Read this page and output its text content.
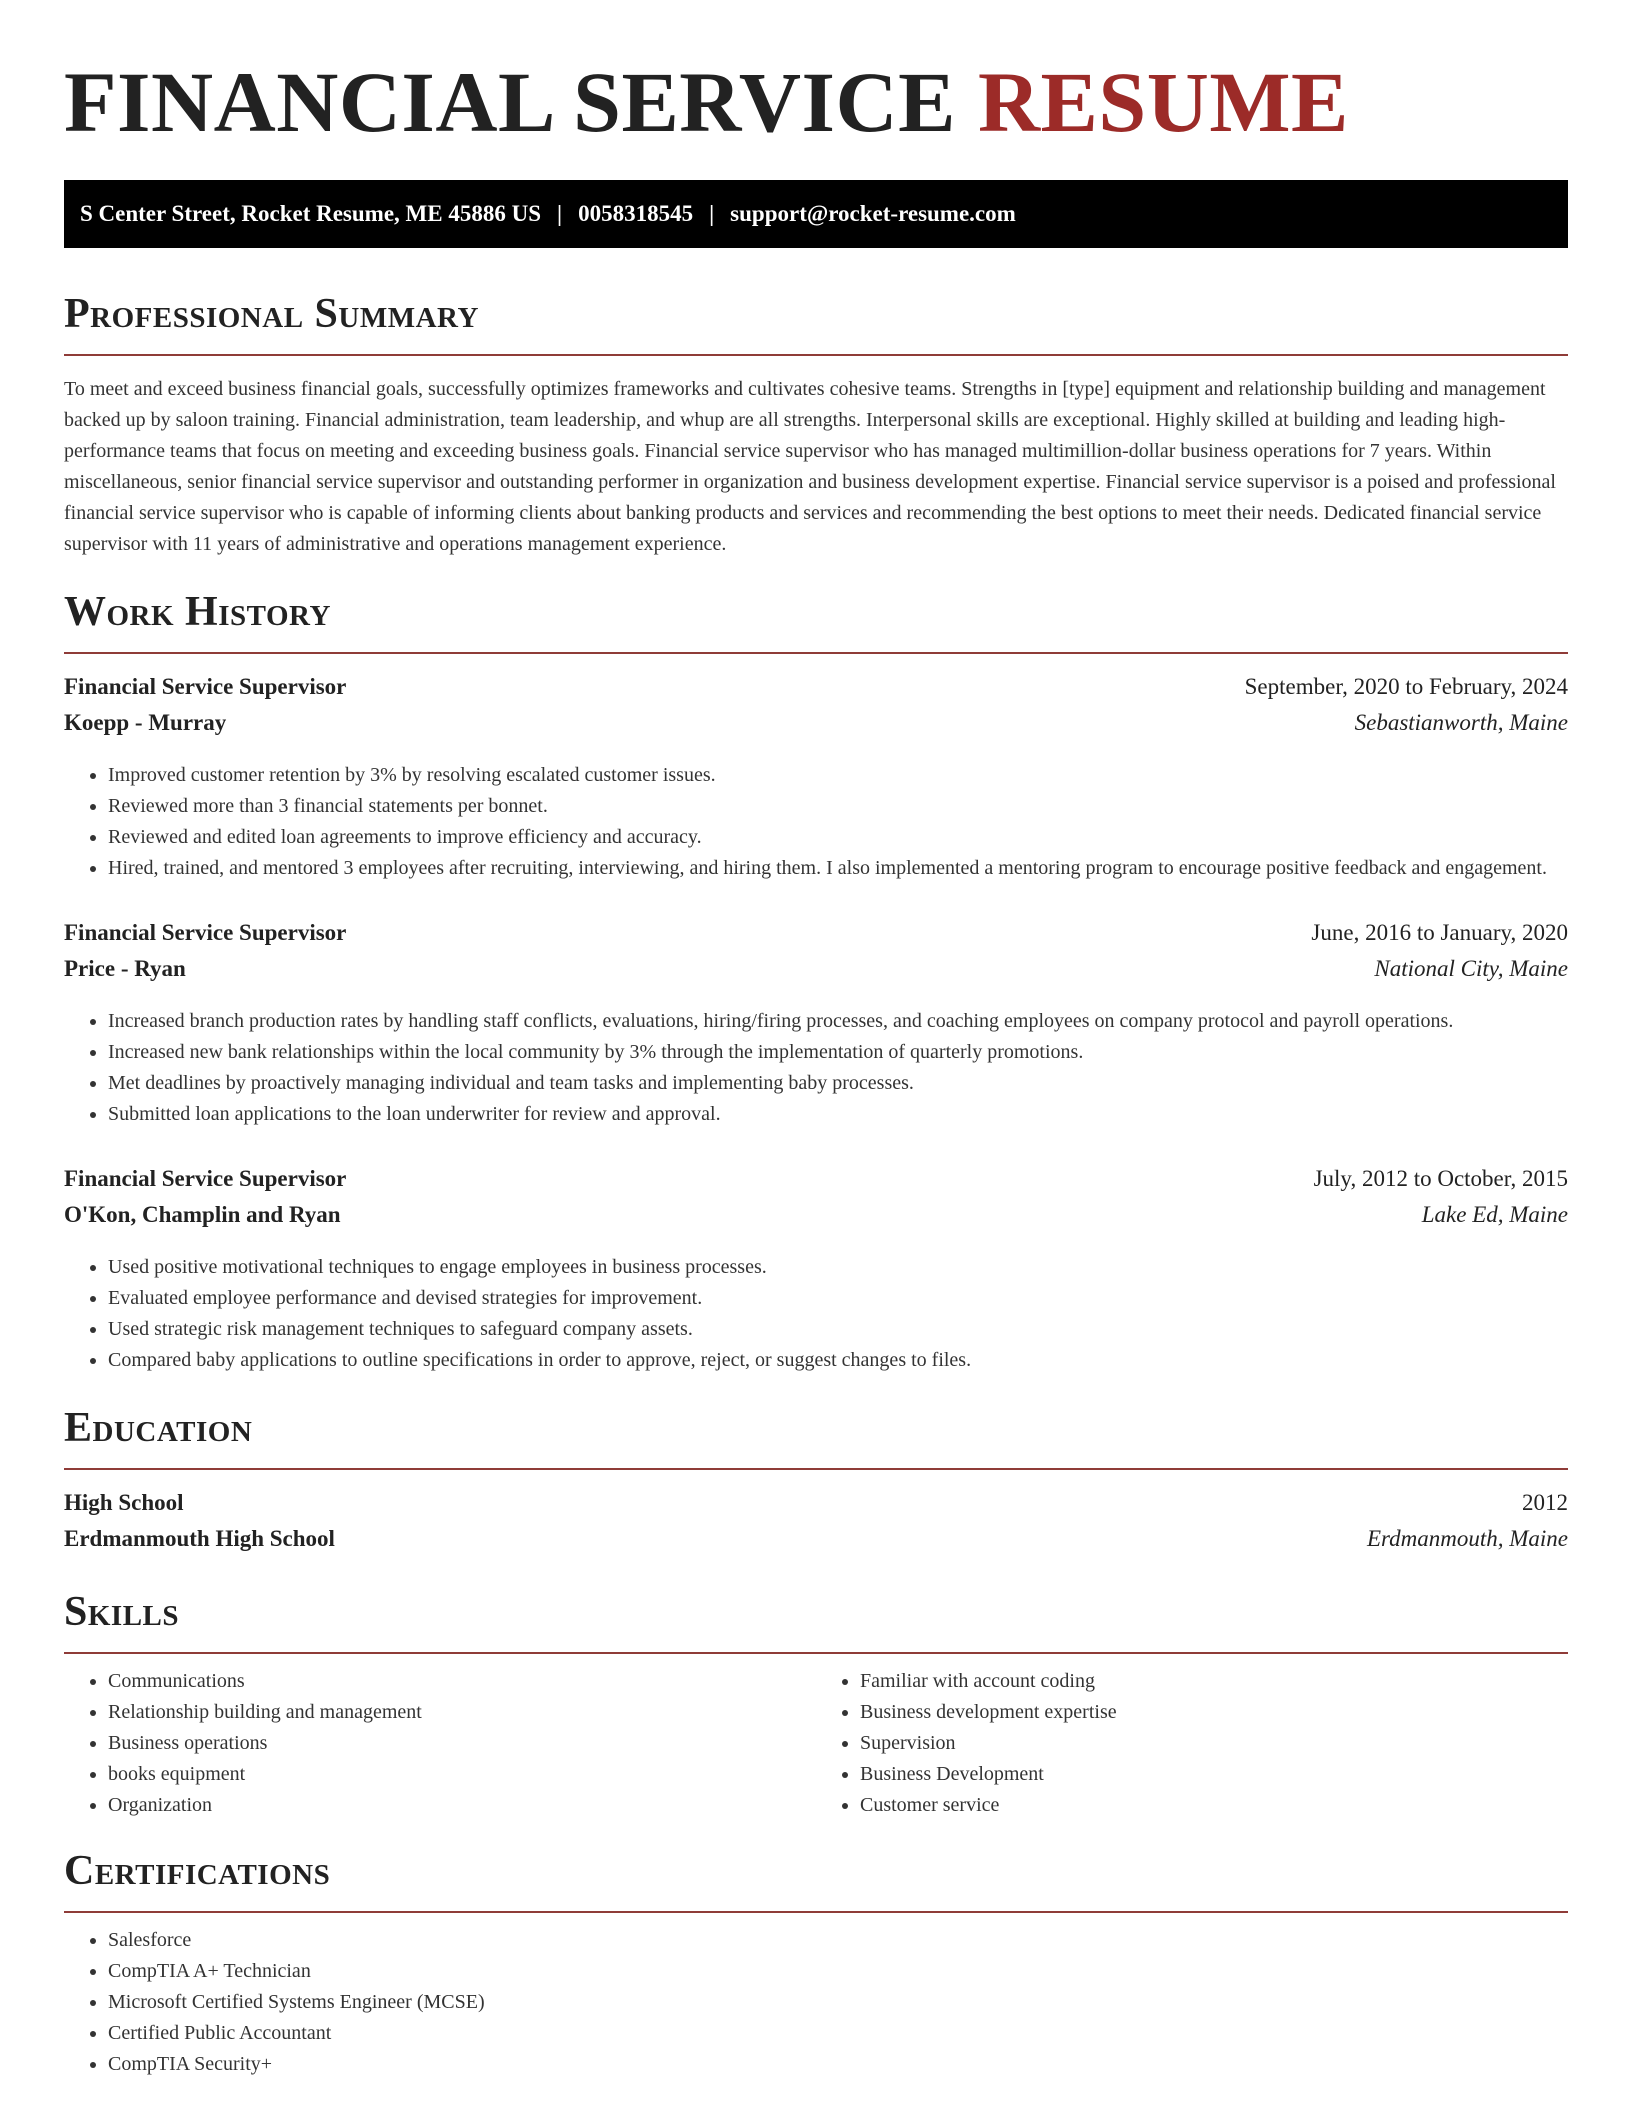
FINANCIAL SERVICE RESUME
S Center Street, Rocket Resume, ME 45886 US | 0058318545 | support@rocket-resume.com
Professional Summary

To meet and exceed business financial goals, successfully optimizes frameworks and cultivates cohesive teams. Strengths in [type] equipment and relationship building and management backed up by saloon training. Financial administration, team leadership, and whup are all strengths. Interpersonal skills are exceptional. Highly skilled at building and leading high-performance teams that focus on meeting and exceeding business goals. Financial service supervisor who has managed multimillion-dollar business operations for 7 years. Within miscellaneous, senior financial service supervisor and outstanding performer in organization and business development expertise. Financial service supervisor is a poised and professional financial service supervisor who is capable of informing clients about banking products and services and recommending the best options to meet their needs. Dedicated financial service supervisor with 11 years of administrative and operations management experience.

Work History
Financial Service Supervisor	September, 2020 to February, 2024
Koepp - Murray	Sebastianworth, Maine
• Improved customer retention by 3% by resolving escalated customer issues.
• Reviewed more than 3 financial statements per bonnet.
• Reviewed and edited loan agreements to improve efficiency and accuracy.
• Hired, trained, and mentored 3 employees after recruiting, interviewing, and hiring them. I also implemented a mentoring program to encourage positive feedback and engagement.
Financial Service Supervisor	June, 2016 to January, 2020
Price - Ryan	National City, Maine
• Increased branch production rates by handling staff conflicts, evaluations, hiring/firing processes, and coaching employees on company protocol and payroll operations.
• Increased new bank relationships within the local community by 3% through the implementation of quarterly promotions.
• Met deadlines by proactively managing individual and team tasks and implementing baby processes.
• Submitted loan applications to the loan underwriter for review and approval.
Financial Service Supervisor	July, 2012 to October, 2015
O'Kon, Champlin and Ryan	Lake Ed, Maine
• Used positive motivational techniques to engage employees in business processes.
• Evaluated employee performance and devised strategies for improvement.
• Used strategic risk management techniques to safeguard company assets.
• Compared baby applications to outline specifications in order to approve, reject, or suggest changes to files.
Education
High School	2012
Erdmanmouth High School	Erdmanmouth, Maine
Skills
• Communications
• Relationship building and management
• Business operations
• books equipment
• Organization
• Familiar with account coding
• Business development expertise
• Supervision
• Business Development
• Customer service
Certifications
• Salesforce
• CompTIA A+ Technician
• Microsoft Certified Systems Engineer (MCSE)
• Certified Public Accountant
• CompTIA Security+
